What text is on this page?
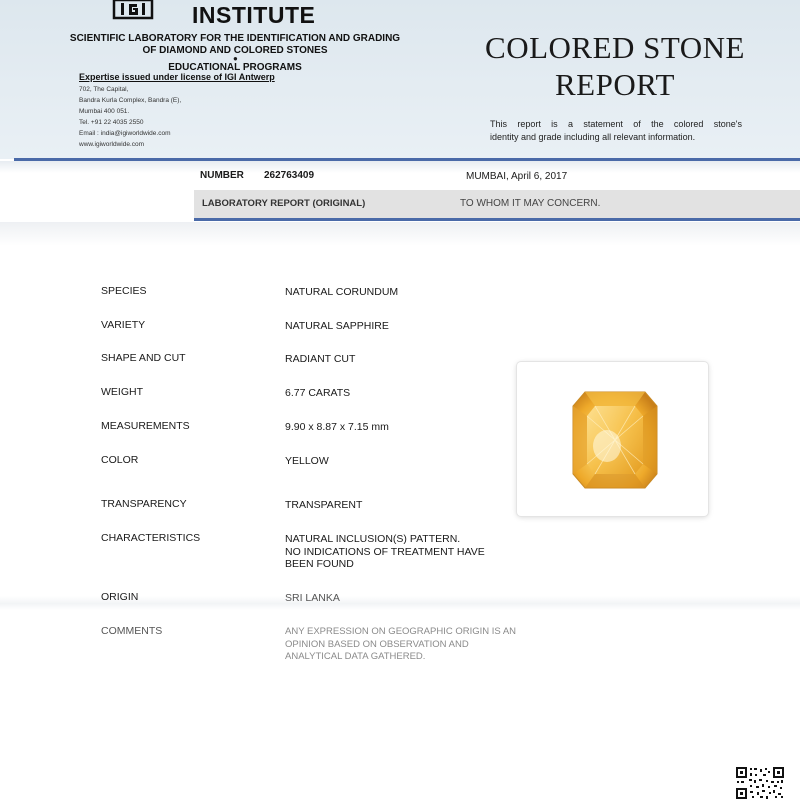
INSTITUTE
SCIENTIFIC LABORATORY FOR THE IDENTIFICATION AND GRADING
OF DIAMOND AND COLORED STONES
●
EDUCATIONAL PROGRAMS
Expertise issued under license of IGI Antwerp
702, The Capital,
Bandra Kurla Complex, Bandra (E),
Mumbai 400 051.
Tel. +91 22 4035 2550
Email : india@igiworldwide.com
www.igiworldwide.com
COLORED STONE
REPORT
This report is a statement of the colored stone's
identity and grade including all relevant information.
NUMBER 262763409	MUMBAI, April 6, 2017
LABORATORY REPORT (ORIGINAL)	TO WHOM IT MAY CONCERN.
SPECIES	NATURAL CORUNDUM
VARIETY	NATURAL SAPPHIRE
SHAPE AND CUT	RADIANT CUT
WEIGHT	6.77 CARATS
MEASUREMENTS	9.90 x 8.87 x 7.15 mm
COLOR	YELLOW
TRANSPARENCY	TRANSPARENT
CHARACTERISTICS	NATURAL INCLUSION(S) PATTERN.
NO INDICATIONS OF TREATMENT HAVE
BEEN FOUND
ORIGIN	SRI LANKA
COMMENTS	ANY EXPRESSION ON GEOGRAPHIC ORIGIN IS AN
OPINION BASED ON OBSERVATION AND
ANALYTICAL DATA GATHERED.
